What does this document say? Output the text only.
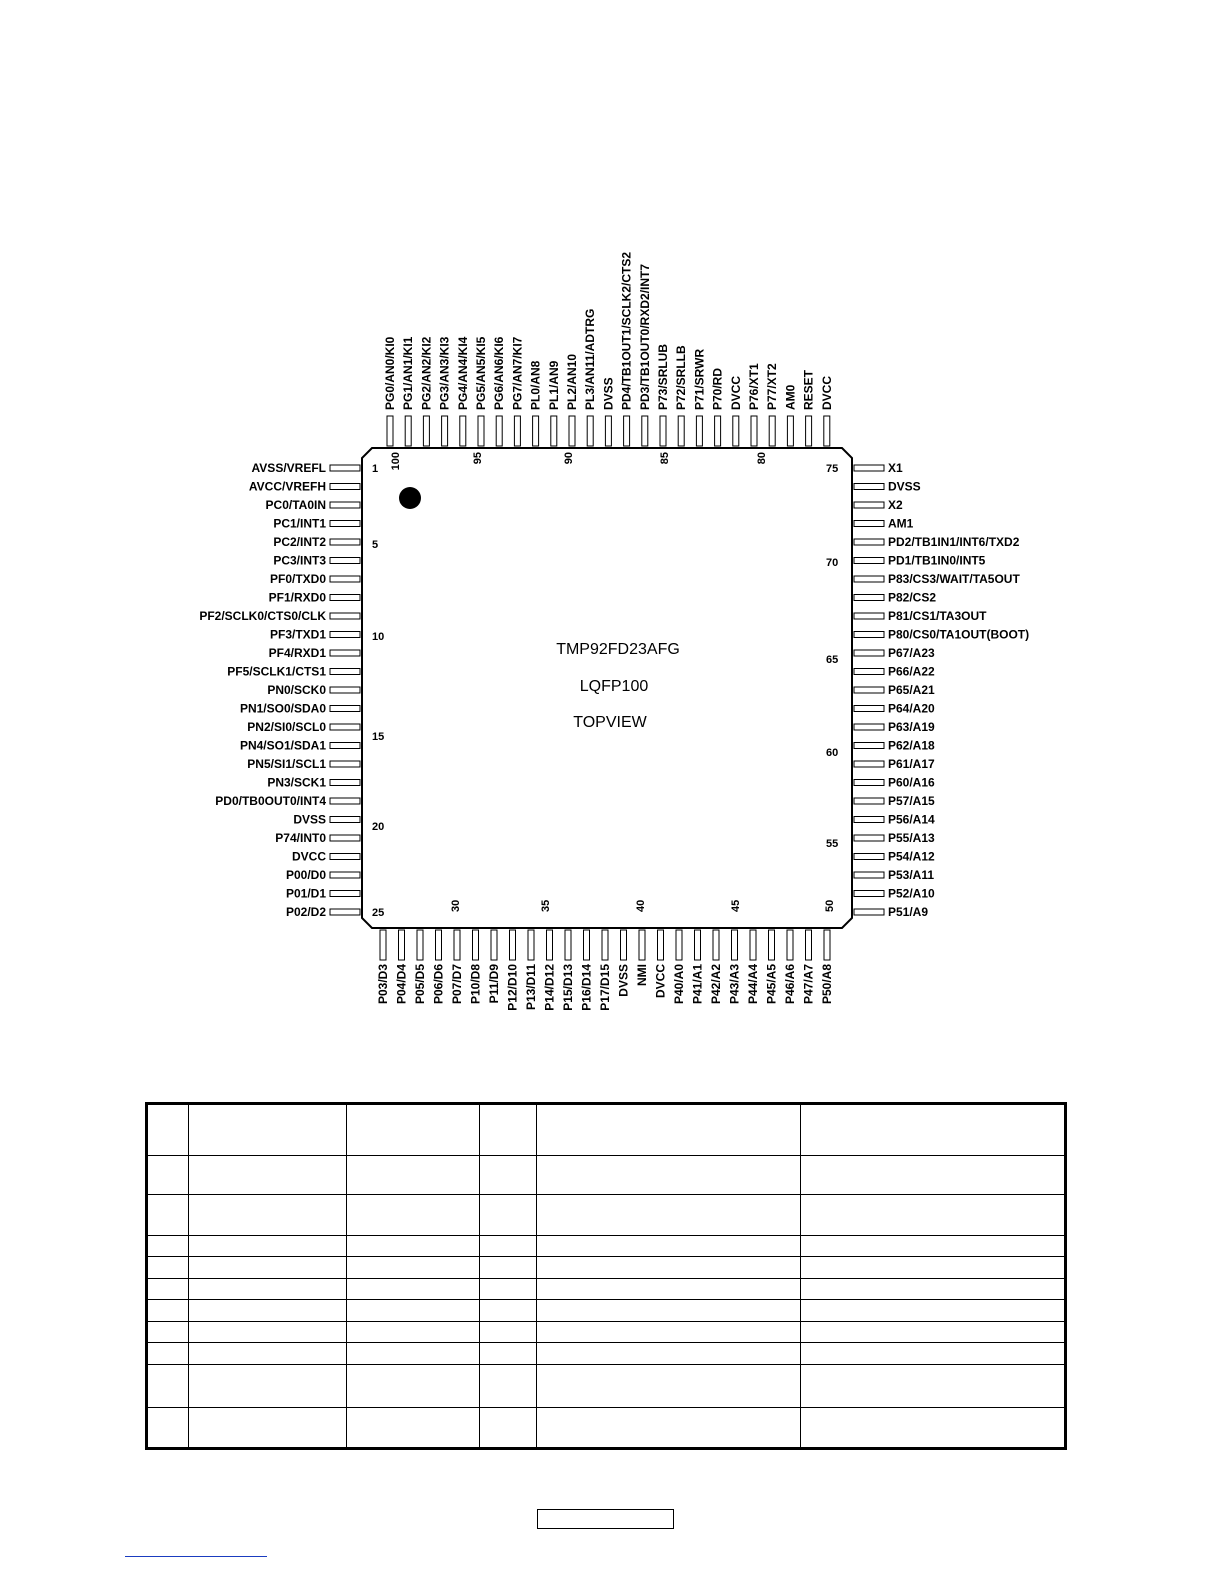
TMP92FD23AFG
LQFP100
TOPVIEW
AVSS/VREFL
AVCC/VREFH
PC0/TA0IN
PC1/INT1
PC2/INT2
PC3/INT3
PF0/TXD0
PF1/RXD0
PF2/SCLK0/CTS0/CLK
PF3/TXD1
PF4/RXD1
PF5/SCLK1/CTS1
PN0/SCK0
PN1/SO0/SDA0
PN2/SI0/SCL0
PN4/SO1/SDA1
PN5/SI1/SCL1
PN3/SCK1
PD0/TB0OUT0/INT4
DVSS
P74/INT0
DVCC
P00/D0
P01/D1
P02/D2
P03/D3 P04/D4 P05/D5 P06/D6 P07/D7 P10/D8 P11/D9 P12/D10 P13/D11 P14/D12 P15/D13 P16/D14 P17/D15 DVSS NMI DVCC P40/A0 P41/A1 P42/A2 P43/A3 P44/A4 P45/A5 P46/A6 P47/A7 P50/A8
P51/A9
P52/A10
P53/A11
P54/A12
P55/A13
P56/A14
P57/A15
P60/A16
P61/A17
P62/A18
P63/A19
P64/A20
P65/A21
P66/A22
P67/A23
P80/CS0/TA1OUT(BOOT)
P81/CS1/TA3OUT
P82/CS2
P83/CS3/WAIT/TA5OUT
PD1/TB1IN0/INT5
PD2/TB1IN1/INT6/TXD2
AM1
X2
DVSS
X1
PG0/AN0/KI0 PG1/AN1/KI1 PG2/AN2/KI2 PG3/AN3/KI3 PG4/AN4/KI4 PG5/AN5/KI5 PG6/AN6/KI6 PG7/AN7/KI7 PL0/AN8 PL1/AN9 PL2/AN10 PL3/AN11/ADTRG DVSS PD4/TB1OUT1/SCLK2/CTS2 PD3/TB1OUT0/RXD2/INT7 P73/SRLUB P72/SRLLB P71/SRWR P70/RD DVCC P76/XT1 P77/XT2 AM0 RESET DVCC
1
5
10
15
20
25
30	35	40	45	50
55
60
65
70
75
80
85
90
95
100
